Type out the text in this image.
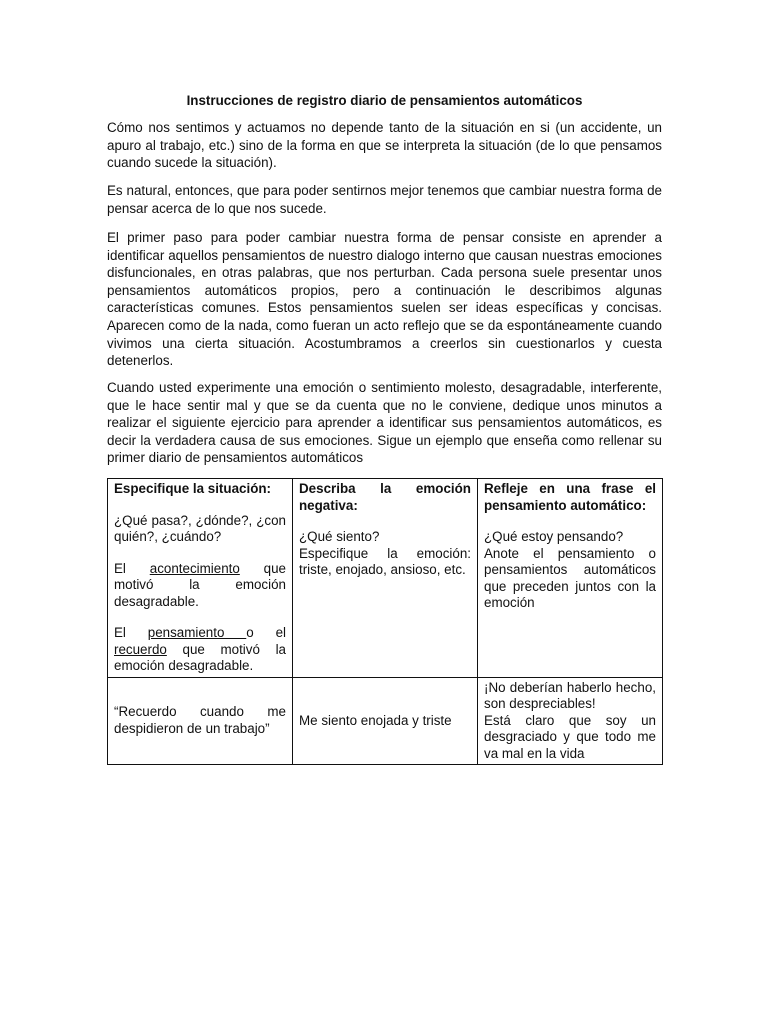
Instrucciones de registro diario de pensamientos automáticos

Cómo nos sentimos y actuamos no depende tanto de la situación en si (un accidente, un apuro al trabajo, etc.) sino de la forma en que se interpreta la situación (de lo que pensamos cuando sucede la situación).

Es natural, entonces, que para poder sentirnos mejor tenemos que cambiar nuestra forma de pensar acerca de lo que nos sucede.

El primer paso para poder cambiar nuestra forma de pensar consiste en aprender a identificar aquellos pensamientos de nuestro dialogo interno que causan nuestras emociones disfuncionales, en otras palabras, que nos perturban. Cada persona suele presentar unos pensamientos automáticos propios, pero a continuación le describimos algunas características comunes. Estos pensamientos suelen ser ideas específicas y concisas. Aparecen como de la nada, como fueran un acto reflejo que se da espontáneamente cuando vivimos una cierta situación. Acostumbramos a creerlos sin cuestionarlos y cuesta detenerlos.

Cuando usted experimente una emoción o sentimiento molesto, desagradable, interferente, que le hace sentir mal y que se da cuenta que no le conviene, dedique unos minutos a realizar el siguiente ejercicio para aprender a identificar sus pensamientos automáticos, es decir la verdadera causa de sus emociones. Sigue un ejemplo que enseña como rellenar su primer diario de pensamientos automáticos

Especifique la situación:
¿Qué pasa?, ¿dónde?, ¿con quién?, ¿cuándo?
El acontecimiento que motivó la emoción desagradable.
El pensamiento o el recuerdo que motivó la emoción desagradable.	Describa la emoción negativa:
¿Qué siento?
Especifique la emoción: triste, enojado, ansioso, etc.	Refleje en una frase el pensamiento automático:
¿Qué estoy pensando?
Anote el pensamiento o pensamientos automáticos que preceden juntos con la emoción

“Recuerdo cuando me despidieron de un trabajo”	Me siento enojada y triste	¡No deberían haberlo hecho, son despreciables!
Está claro que soy un desgraciado y que todo me va mal en la vida
